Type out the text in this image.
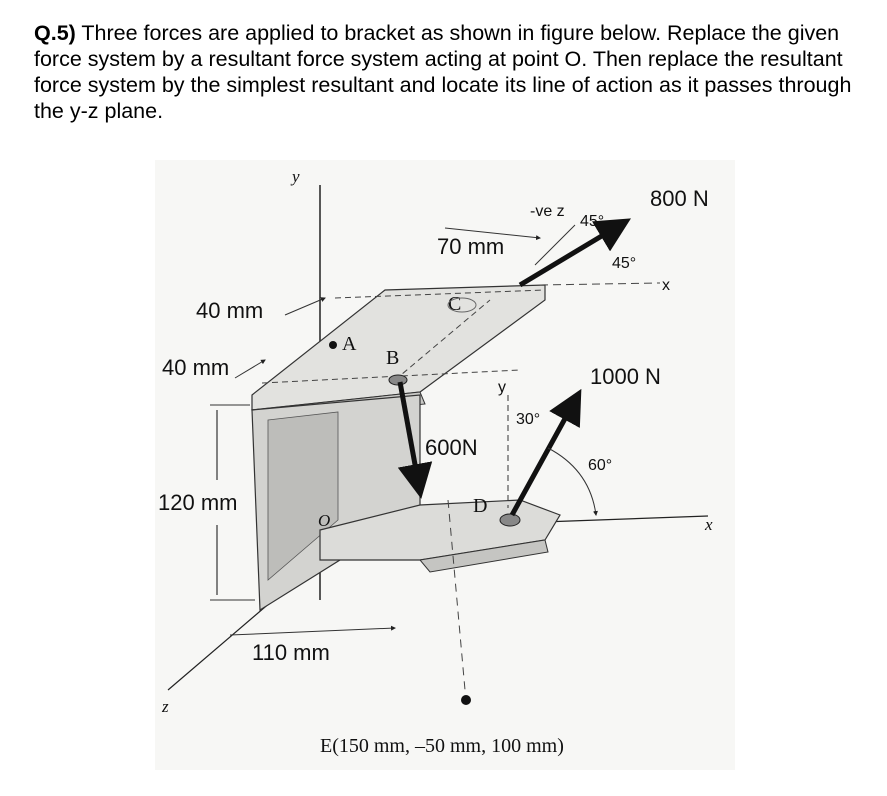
Q.5) Three forces are applied to bracket as shown in figure below. Replace the given force system by a resultant force system acting at point O. Then replace the resultant force system by the simplest resultant and locate its line of action as it passes through the y-z plane.
y
z
x
E(150 mm, –50 mm, 100 mm)
A
B
600N
C
800 N
-ve z
45°
45°
x
70 mm
40 mm
40 mm
120 mm
110 mm
O
D
y	1000 N
30°
60°
